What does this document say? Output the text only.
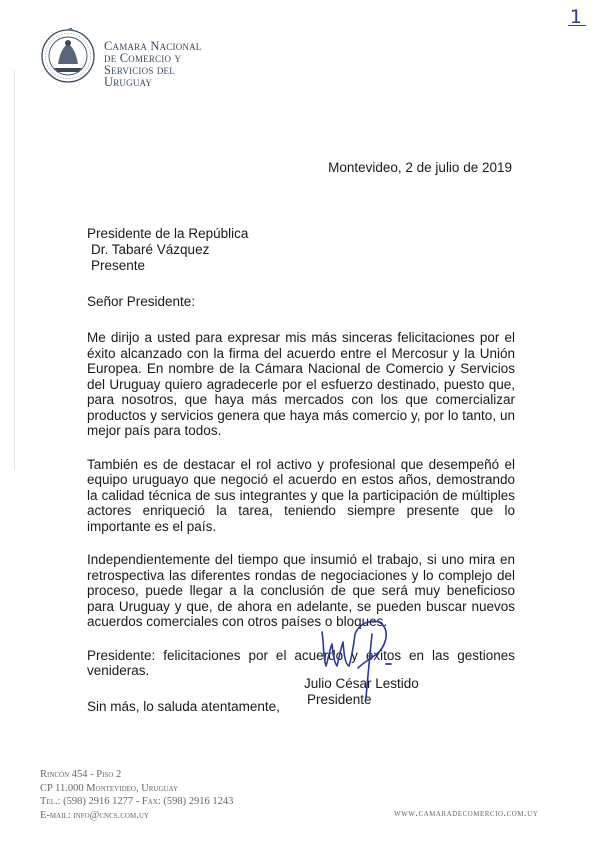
1
Camara Nacional
de Comercio y
Servicios del
Uruguay
Montevideo, 2 de julio de 2019
Presidente de la República
Dr. Tabaré Vázquez
Presente
Señor Presidente:
Me dirijo a usted para expresar mis más sinceras felicitaciones por el éxito alcanzado con la firma del acuerdo entre el Mercosur y la Unión Europea. En nombre de la Cámara Nacional de Comercio y Servicios del Uruguay quiero agradecerle por el esfuerzo destinado, puesto que, para nosotros, que haya más mercados con los que comercializar productos y servicios genera que haya más comercio y, por lo tanto, un mejor país para todos.
También es de destacar el rol activo y profesional que desempeñó el equipo uruguayo que negoció el acuerdo en estos años, demostrando la calidad técnica de sus integrantes y que la participación de múltiples actores enriqueció la tarea, teniendo siempre presente que lo importante es el país.
Independientemente del tiempo que insumió el trabajo, si uno mira en retrospectiva las diferentes rondas de negociaciones y lo complejo del proceso, puede llegar a la conclusión de que será muy beneficioso para Uruguay y que, de ahora en adelante, se pueden buscar nuevos acuerdos comerciales con otros países o bloques.
Presidente: felicitaciones por el acuerdo y éxitos en las gestiones venideras.
Sin más, lo saluda atentamente,
Julio César Lestido
Presidente
Rincón 454 - Piso 2
CP 11.000 Montevideo, Uruguay
Tel.: (598) 2916 1277 - Fax: (598) 2916 1243
E-mail: info@cncs.com.uy	www.camaradecomercio.com.uy
